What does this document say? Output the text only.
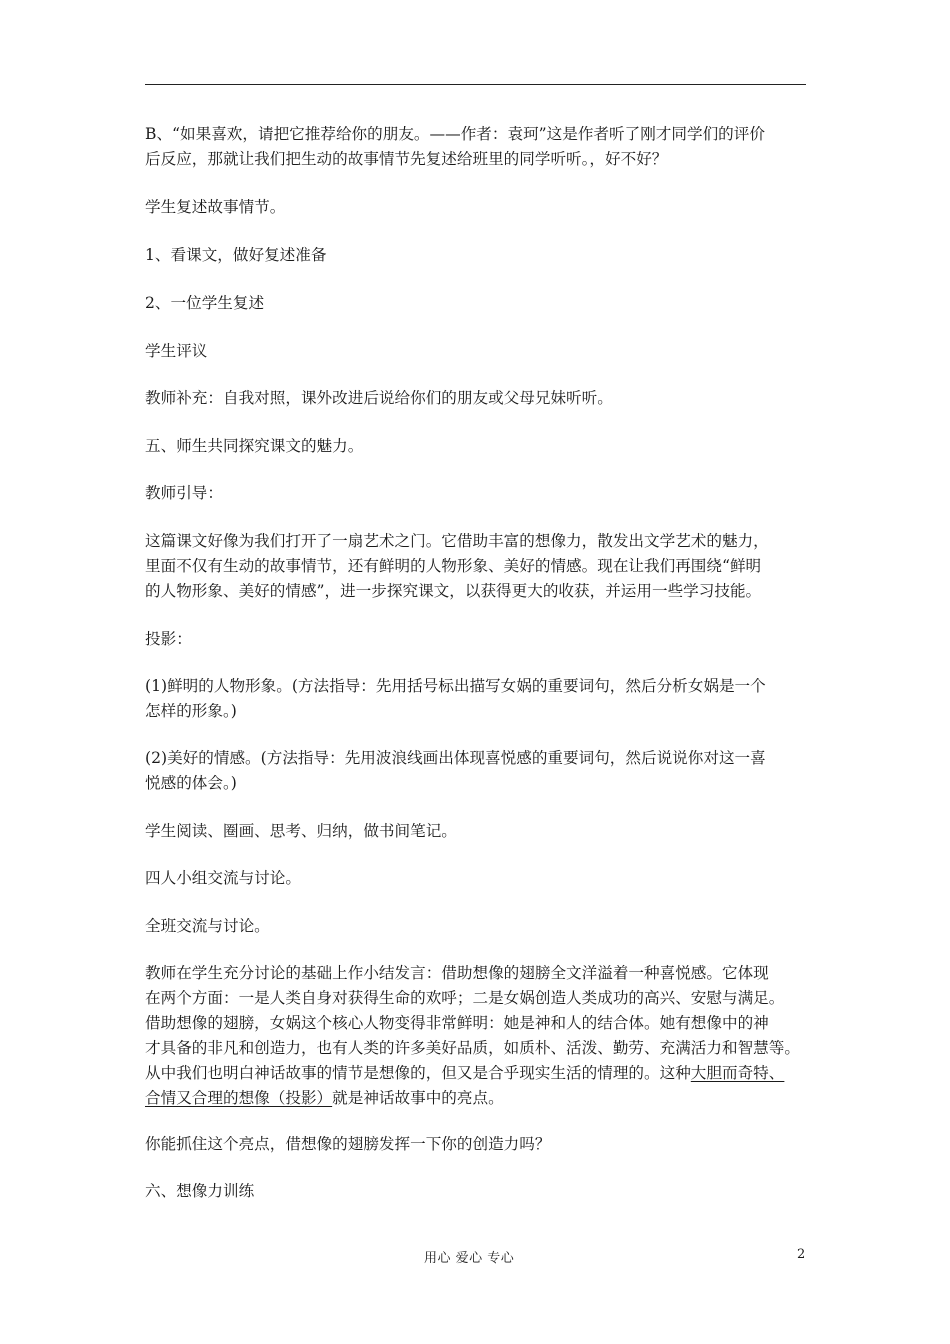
B、“如果喜欢，请把它推荐给你的朋友。——作者：袁珂”这是作者听了刚才同学们的评价
后反应，那就让我们把生动的故事情节先复述给班里的同学听听。，好不好？
学生复述故事情节。
1、看课文，做好复述准备
2、一位学生复述
学生评议
教师补充：自我对照，课外改进后说给你们的朋友或父母兄妹听听。
五、师生共同探究课文的魅力。
教师引导：
这篇课文好像为我们打开了一扇艺术之门。它借助丰富的想像力，散发出文学艺术的魅力，
里面不仅有生动的故事情节，还有鲜明的人物形象、美好的情感。现在让我们再围绕“鲜明
的人物形象、美好的情感”，进一步探究课文，以获得更大的收获，并运用一些学习技能。
投影：
(1)鲜明的人物形象。(方法指导：先用括号标出描写女娲的重要词句，然后分析女娲是一个
怎样的形象。)
(2)美好的情感。(方法指导：先用波浪线画出体现喜悦感的重要词句，然后说说你对这一喜
悦感的体会。)
学生阅读、圈画、思考、归纳，做书间笔记。
四人小组交流与讨论。
全班交流与讨论。
教师在学生充分讨论的基础上作小结发言：借助想像的翅膀全文洋溢着一种喜悦感。它体现
在两个方面：一是人类自身对获得生命的欢呼；二是女娲创造人类成功的高兴、安慰与满足。
借助想像的翅膀，女娲这个核心人物变得非常鲜明：她是神和人的结合体。她有想像中的神
才具备的非凡和创造力，也有人类的许多美好品质，如质朴、活泼、勤劳、充满活力和智慧等。
从中我们也明白神话故事的情节是想像的，但又是合乎现实生活的情理的。这种大胆而奇特、
合情又合理的想像（投影）就是神话故事中的亮点。
你能抓住这个亮点，借想像的翅膀发挥一下你的创造力吗？
六、想像力训练
用心 爱心 专心	2
